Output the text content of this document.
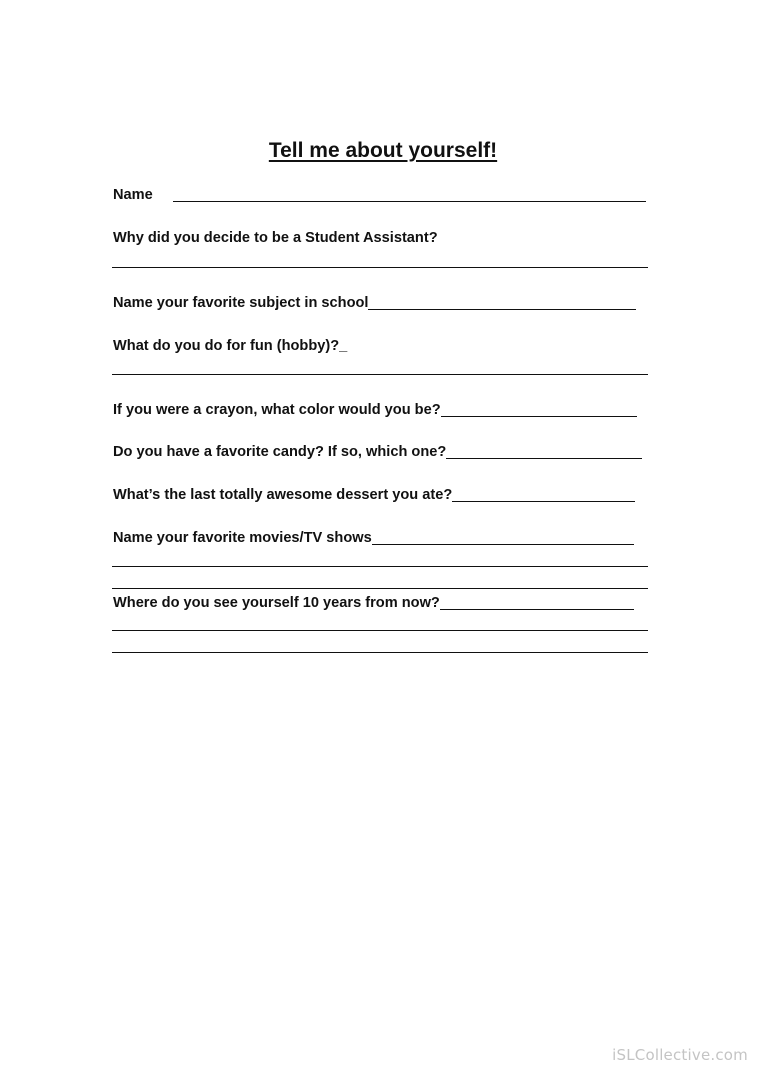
Tell me about yourself!
Name
Why did you decide to be a Student Assistant?
Name your favorite subject in school
What do you do for fun (hobby)?_
If you were a crayon, what color would you be?
Do you have a favorite candy? If so, which one?
What’s the last totally awesome dessert you ate?
Name your favorite movies/TV shows
Where do you see yourself 10 years from now?
iSLCollective.com
